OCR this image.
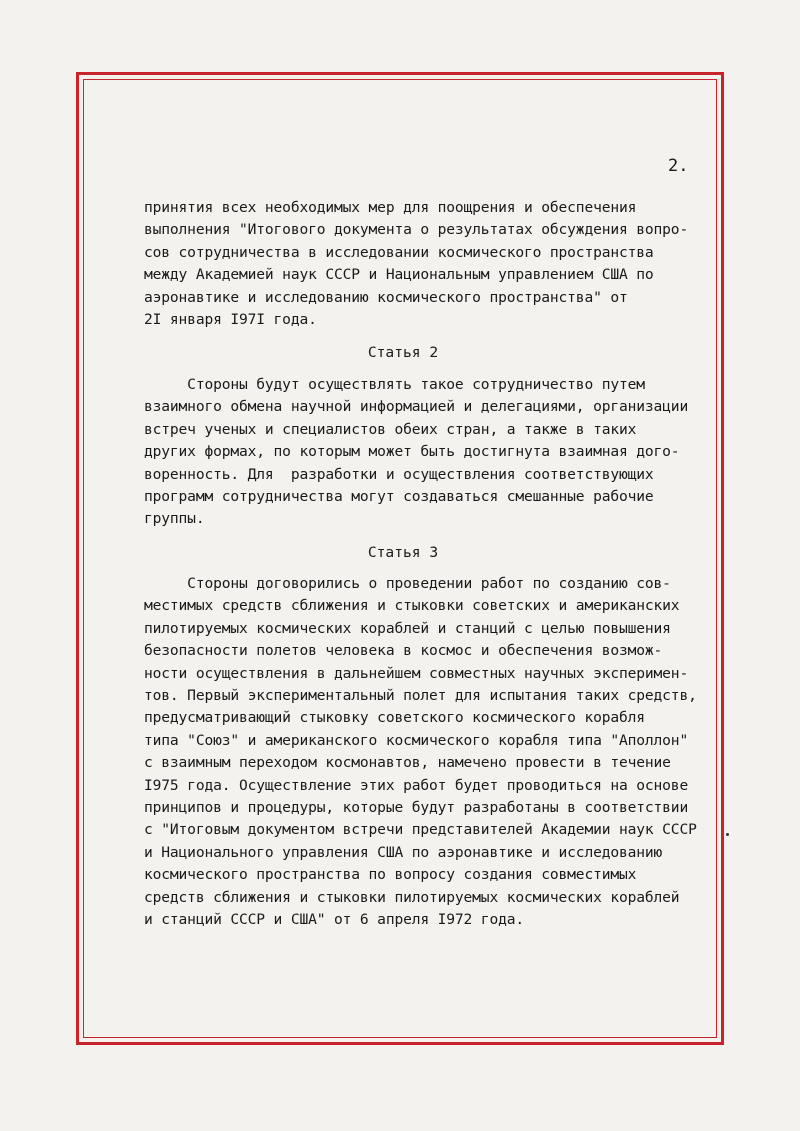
2.
принятия всех необходимых мер для поощрения и обеспечения
выполнения "Итогового документа о результатах обсуждения вопро-
сов сотрудничества в исследовании космического пространства
между Академией наук СССР и Национальным управлением США по
аэронавтике и исследованию космического пространства" от
2I января I97I года.
Статья 2
Стороны будут осуществлять такое сотрудничество путем
взаимного обмена научной информацией и делегациями, организации
встреч ученых и специалистов обеих стран, а также в таких
других формах, по которым может быть достигнута взаимная дого-
воренность. Для  разработки и осуществления соответствующих
программ сотрудничества могут создаваться смешанные рабочие
группы.
Статья 3
Стороны договорились о проведении работ по созданию сов-
местимых средств сближения и стыковки советских и американских
пилотируемых космических кораблей и станций с целью повышения
безопасности полетов человека в космос и обеспечения возмож-
ности осуществления в дальнейшем совместных научных эксперимен-
тов. Первый экспериментальный полет для испытания таких средств,
предусматривающий стыковку советского космического корабля
типа "Союз" и американского космического корабля типа "Аполлон"
с взаимным переходом космонавтов, намечено провести в течение
I975 года. Осуществление этих работ будет проводиться на основе
принципов и процедуры, которые будут разработаны в соответствии
с "Итоговым документом встречи представителей Академии наук СССР
и Национального управления США по аэронавтике и исследованию
космического пространства по вопросу создания совместимых
средств сближения и стыковки пилотируемых космических кораблей
и станций СССР и США" от 6 апреля I972 года.
